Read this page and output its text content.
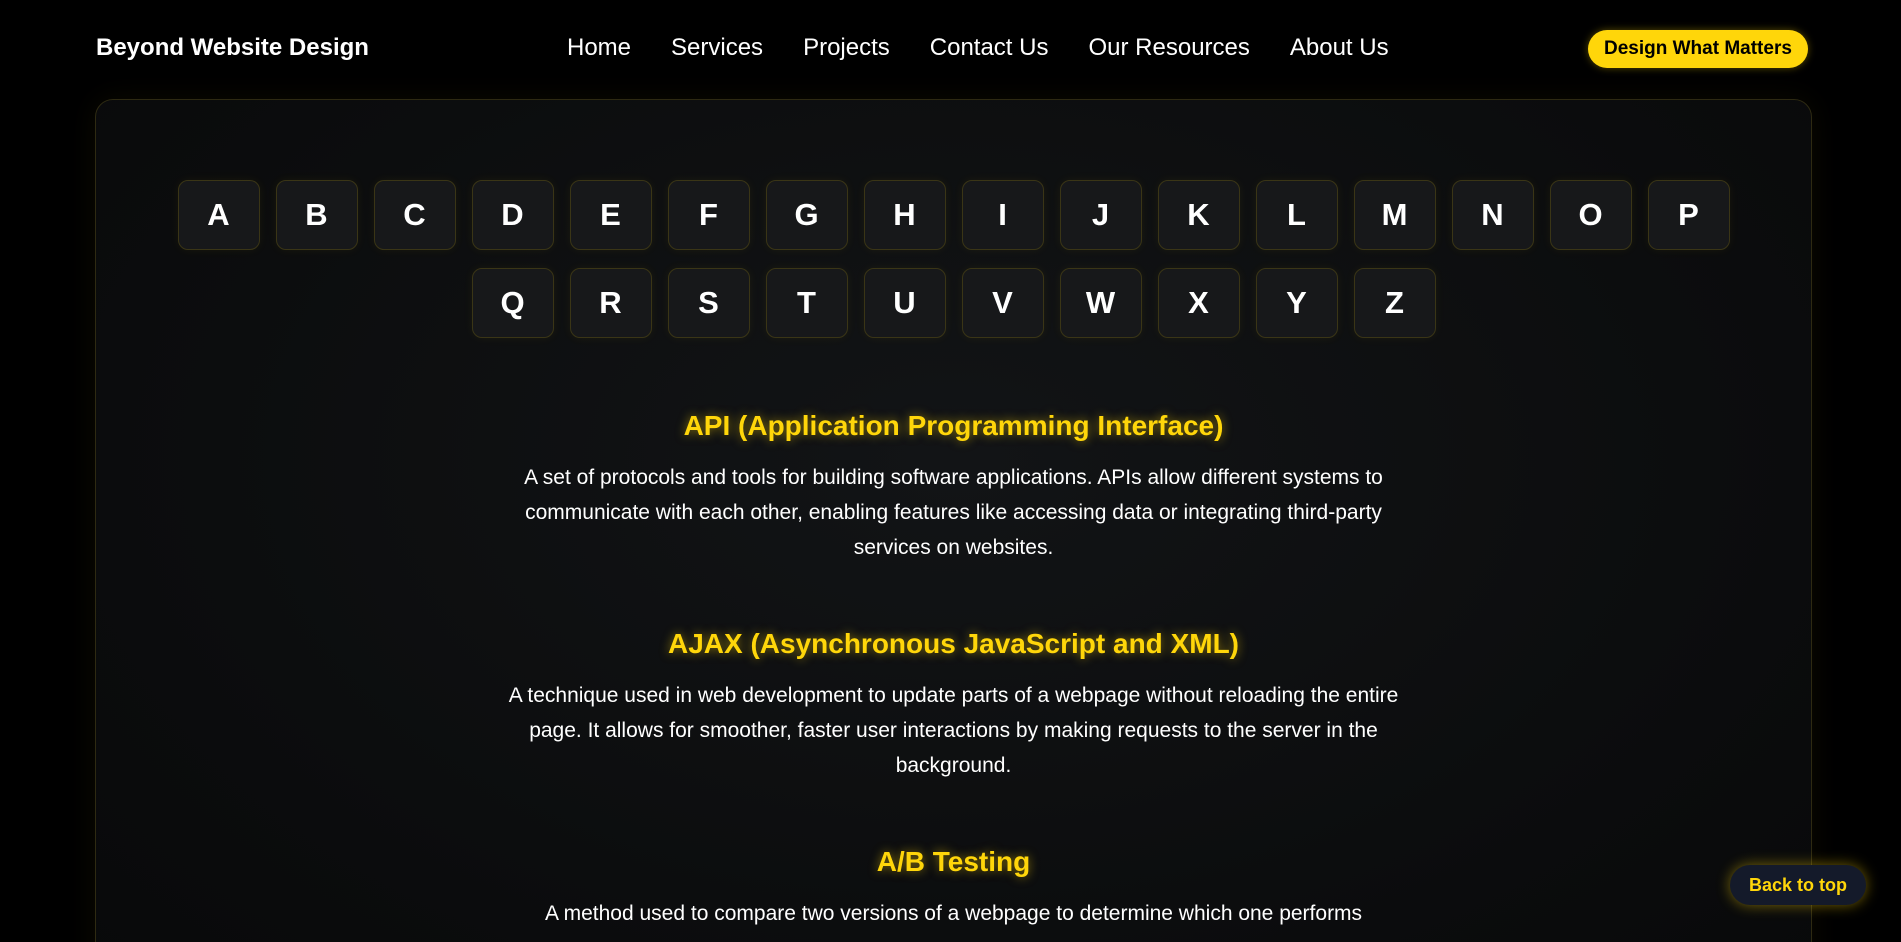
Beyond Website Design	Home Services Projects Contact Us Our Resources About Us	Design What Matters
A	B	C	D	E	F	G	H	I	J	K	L	M	N	O	P
Q	R	S	T	U	V	W	X	Y	Z
API (Application Programming Interface)

A set of protocols and tools for building software applications. APIs allow different systems to communicate with each other, enabling features like accessing data or integrating third-party services on websites.

AJAX (Asynchronous JavaScript and XML)

A technique used in web development to update parts of a webpage without reloading the entire page. It allows for smoother, faster user interactions by making requests to the server in the background.

A/B Testing

A method used to compare two versions of a webpage to determine which one performs

Back to top
